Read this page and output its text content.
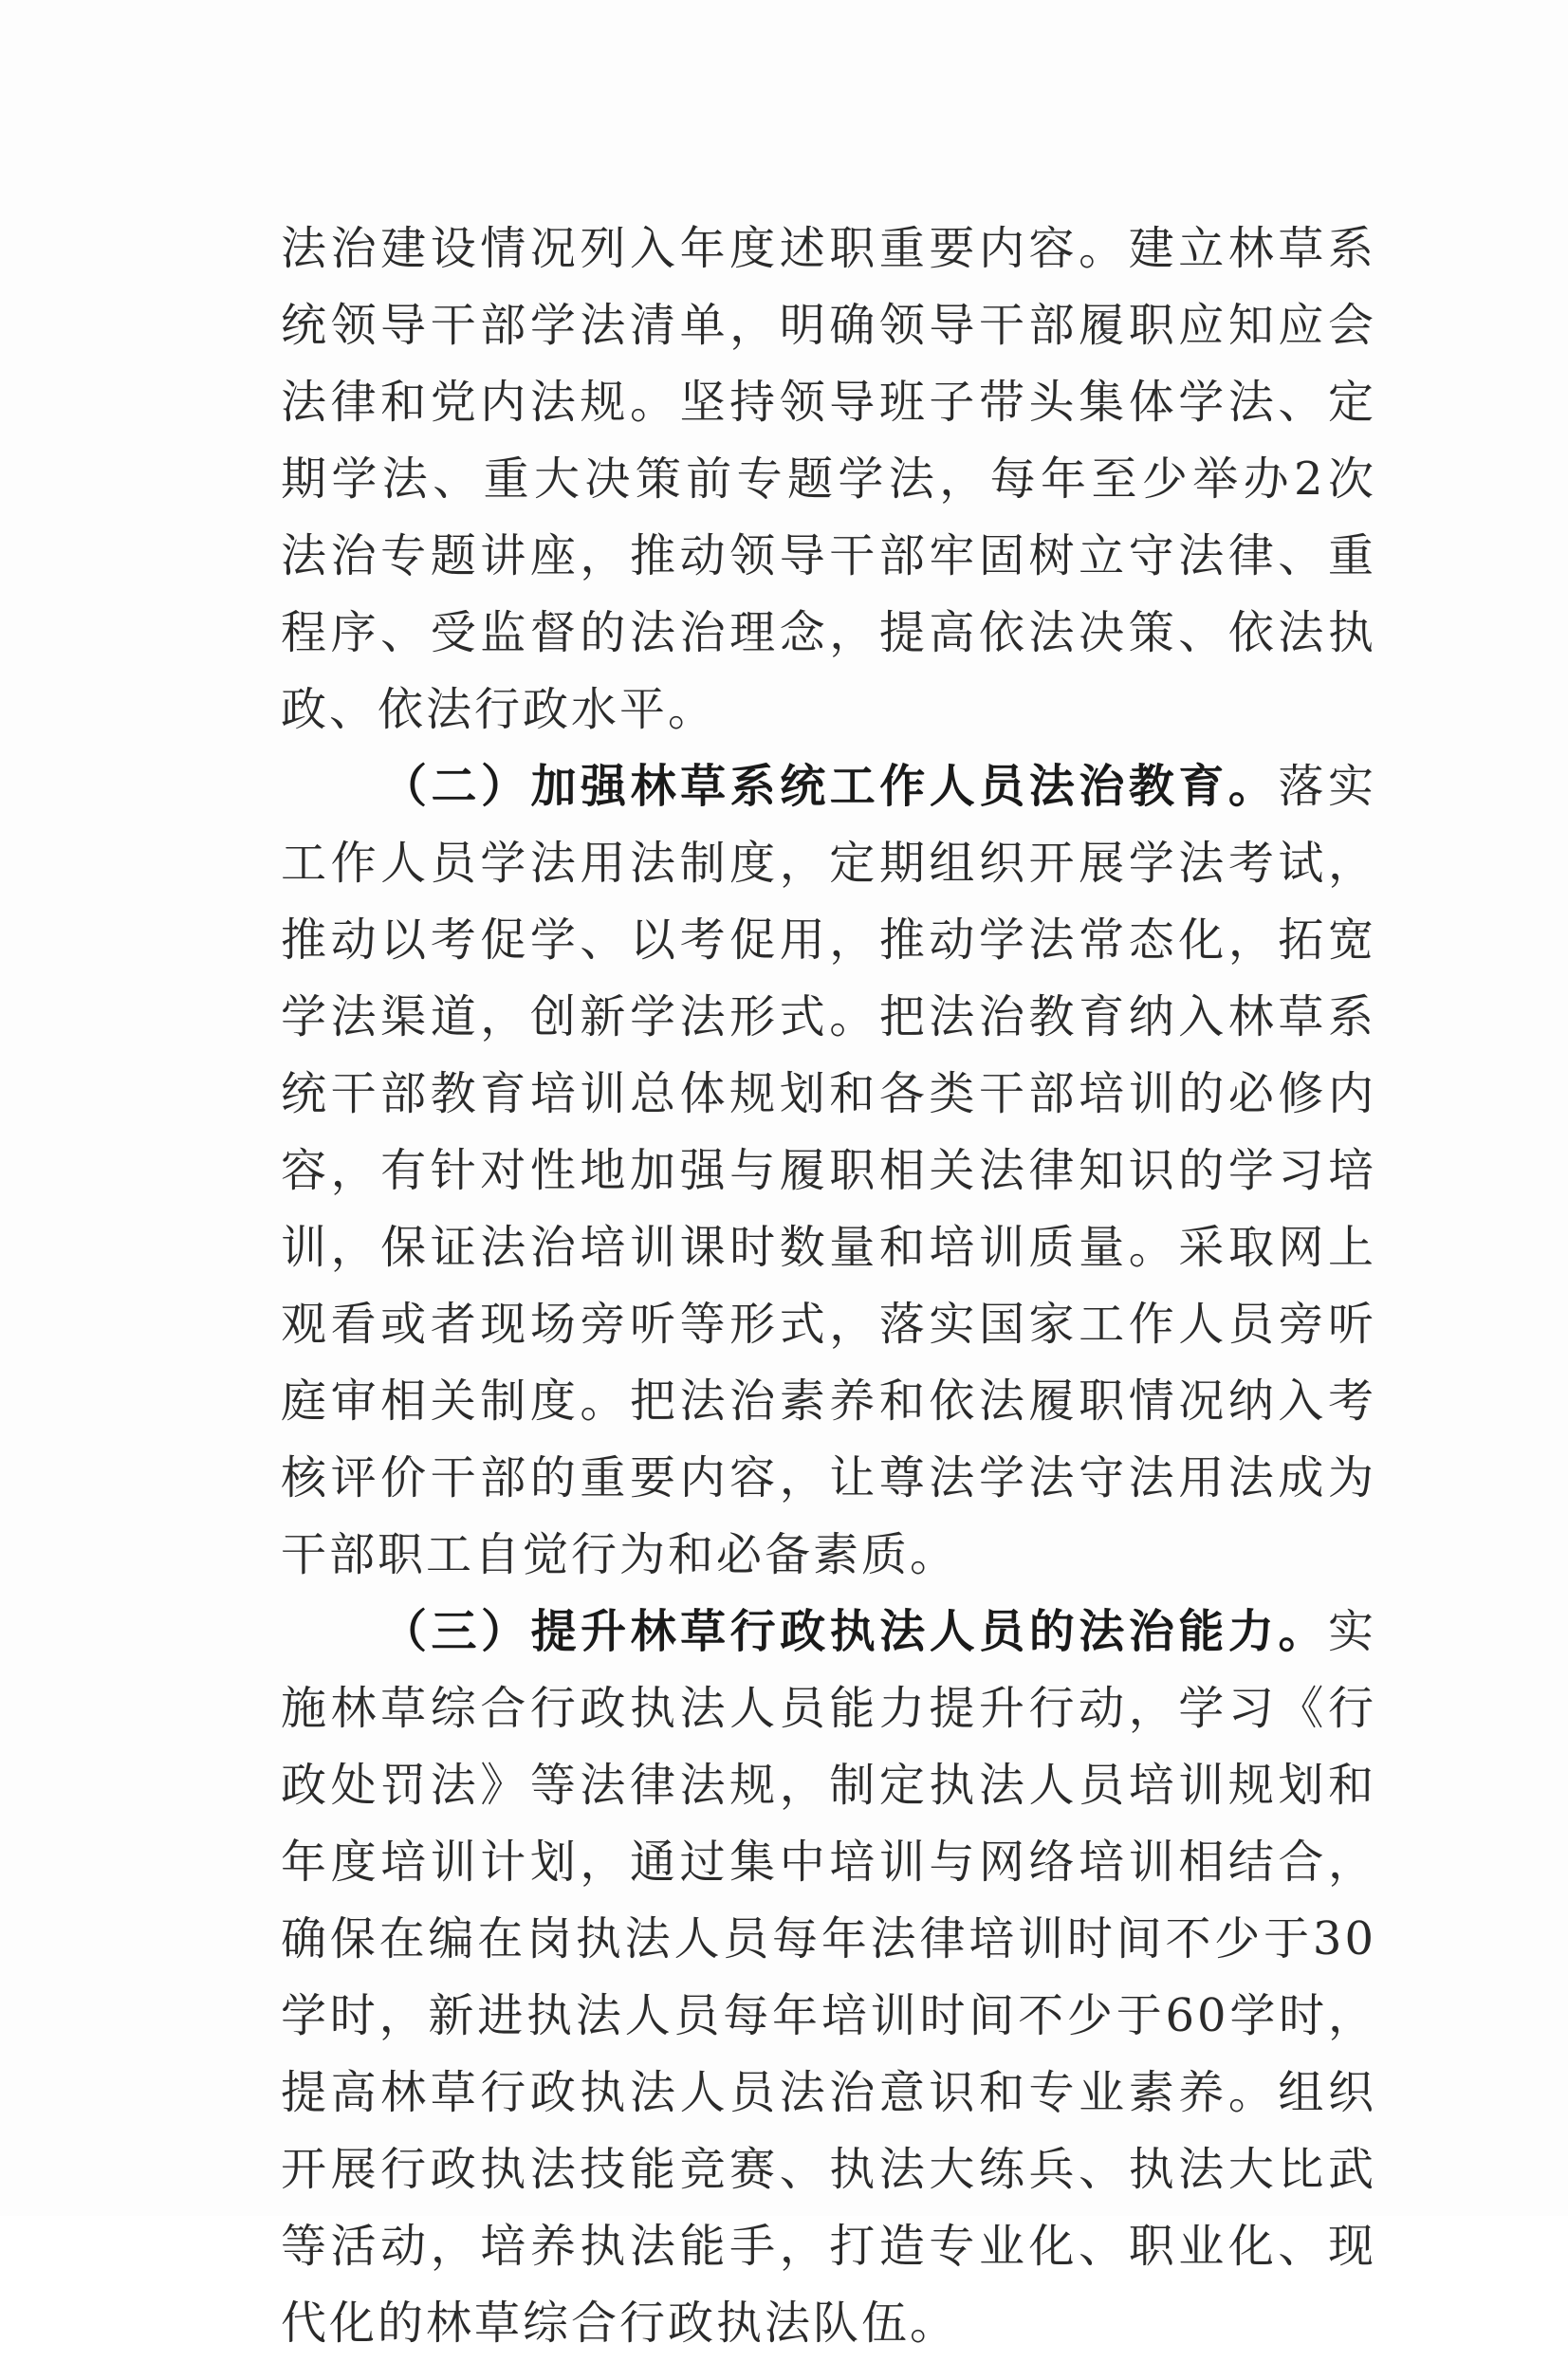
法治建设情况列入年度述职重要内容。建立林草系统领导干部学法清单，明确领导干部履职应知应会法律和党内法规。坚持领导班子带头集体学法、定期学法、重大决策前专题学法，每年至少举办2次法治专题讲座，推动领导干部牢固树立守法律、重程序、受监督的法治理念，提高依法决策、依法执政、依法行政水平。

（二）加强林草系统工作人员法治教育。落实工作人员学法用法制度，定期组织开展学法考试，推动以考促学、以考促用，推动学法常态化，拓宽学法渠道，创新学法形式。把法治教育纳入林草系统干部教育培训总体规划和各类干部培训的必修内容，有针对性地加强与履职相关法律知识的学习培训，保证法治培训课时数量和培训质量。采取网上观看或者现场旁听等形式，落实国家工作人员旁听庭审相关制度。把法治素养和依法履职情况纳入考核评价干部的重要内容，让尊法学法守法用法成为干部职工自觉行为和必备素质。

（三）提升林草行政执法人员的法治能力。实施林草综合行政执法人员能力提升行动，学习《行政处罚法》等法律法规，制定执法人员培训规划和年度培训计划，通过集中培训与网络培训相结合，确保在编在岗执法人员每年法律培训时间不少于30学时，新进执法人员每年培训时间不少于60学时，提高林草行政执法人员法治意识和专业素养。组织开展行政执法技能竞赛、执法大练兵、执法大比武等活动，培养执法能手，打造专业化、职业化、现代化的林草综合行政执法队伍。
